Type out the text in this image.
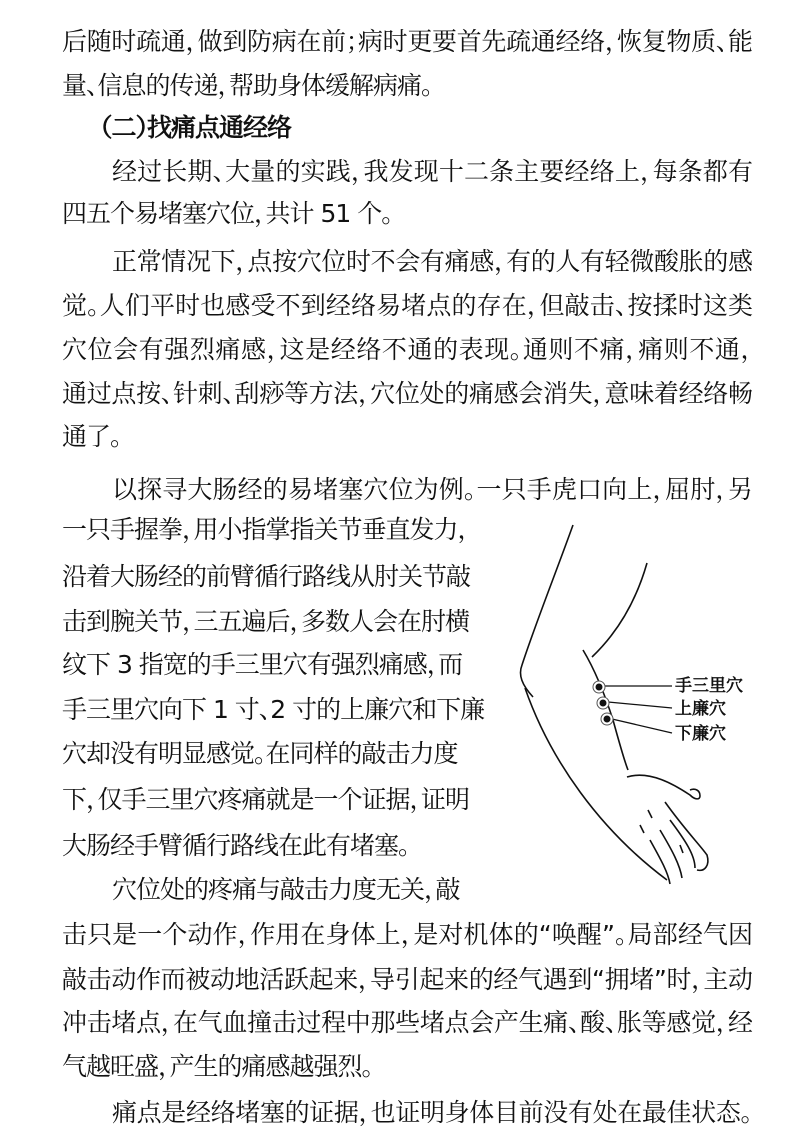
后随时疏通，做到防病在前；病时更要首先疏通经络，恢复物质、能
量、信息的传递，帮助身体缓解病痛。
（二）找痛点通经络
经过长期、大量的实践，我发现十二条主要经络上，每条都有
四五个易堵塞穴位，共计 51 个。
正常情况下，点按穴位时不会有痛感，有的人有轻微酸胀的感
觉。人们平时也感受不到经络易堵点的存在，但敲击、按揉时这类
穴位会有强烈痛感，这是经络不通的表现。通则不痛，痛则不通，
通过点按、针刺、刮痧等方法，穴位处的痛感会消失，意味着经络畅
通了。
以探寻大肠经的易堵塞穴位为例。一只手虎口向上，屈肘，另
一只手握拳，用小指掌指关节垂直发力，
沿着大肠经的前臂循行路线从肘关节敲
击到腕关节，三五遍后，多数人会在肘横
纹下 3 指宽的手三里穴有强烈痛感，而
手三里穴向下 1 寸、2 寸的上廉穴和下廉
穴却没有明显感觉。在同样的敲击力度
下，仅手三里穴疼痛就是一个证据，证明
大肠经手臂循行路线在此有堵塞。
穴位处的疼痛与敲击力度无关，敲
击只是一个动作，作用在身体上，是对机体的“唤醒”。局部经气因
敲击动作而被动地活跃起来，导引起来的经气遇到“拥堵”时，主动
冲击堵点，在气血撞击过程中那些堵点会产生痛、酸、胀等感觉，经
气越旺盛，产生的痛感越强烈。
痛点是经络堵塞的证据，也证明身体目前没有处在最佳状态。
手三里穴
上廉穴
下廉穴
